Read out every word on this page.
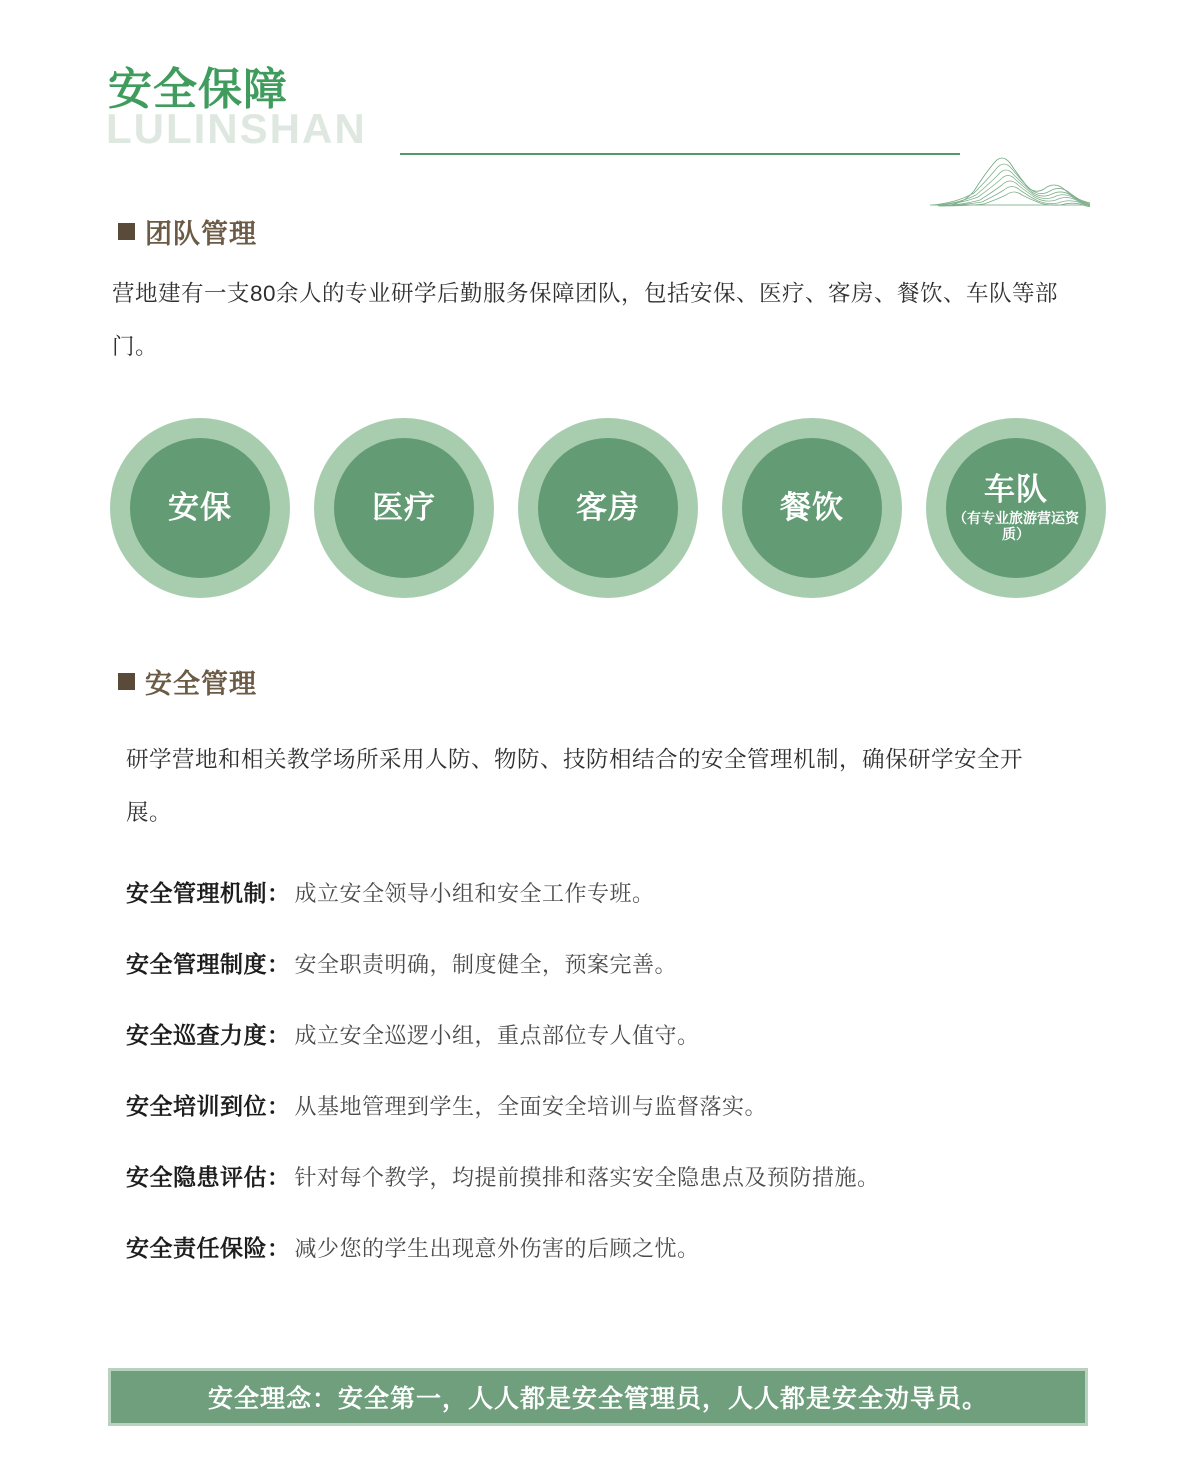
安全保障
LULINSHAN
团队管理
营地建有一支80余人的专业研学后勤服务保障团队，包括安保、医疗、客房、餐饮、车队等部门。
安保	医疗	客房	餐饮
车队
（有专业旅游营运资质）
安全管理
研学营地和相关教学场所采用人防、物防、技防相结合的安全管理机制，确保研学安全开展。
安全管理机制： 成立安全领导小组和安全工作专班。
安全管理制度： 安全职责明确，制度健全，预案完善。
安全巡查力度： 成立安全巡逻小组，重点部位专人值守。
安全培训到位： 从基地管理到学生，全面安全培训与监督落实。
安全隐患评估： 针对每个教学，均提前摸排和落实安全隐患点及预防措施。
安全责任保险： 减少您的学生出现意外伤害的后顾之忧。
安全理念：安全第一，人人都是安全管理员，人人都是安全劝导员。
